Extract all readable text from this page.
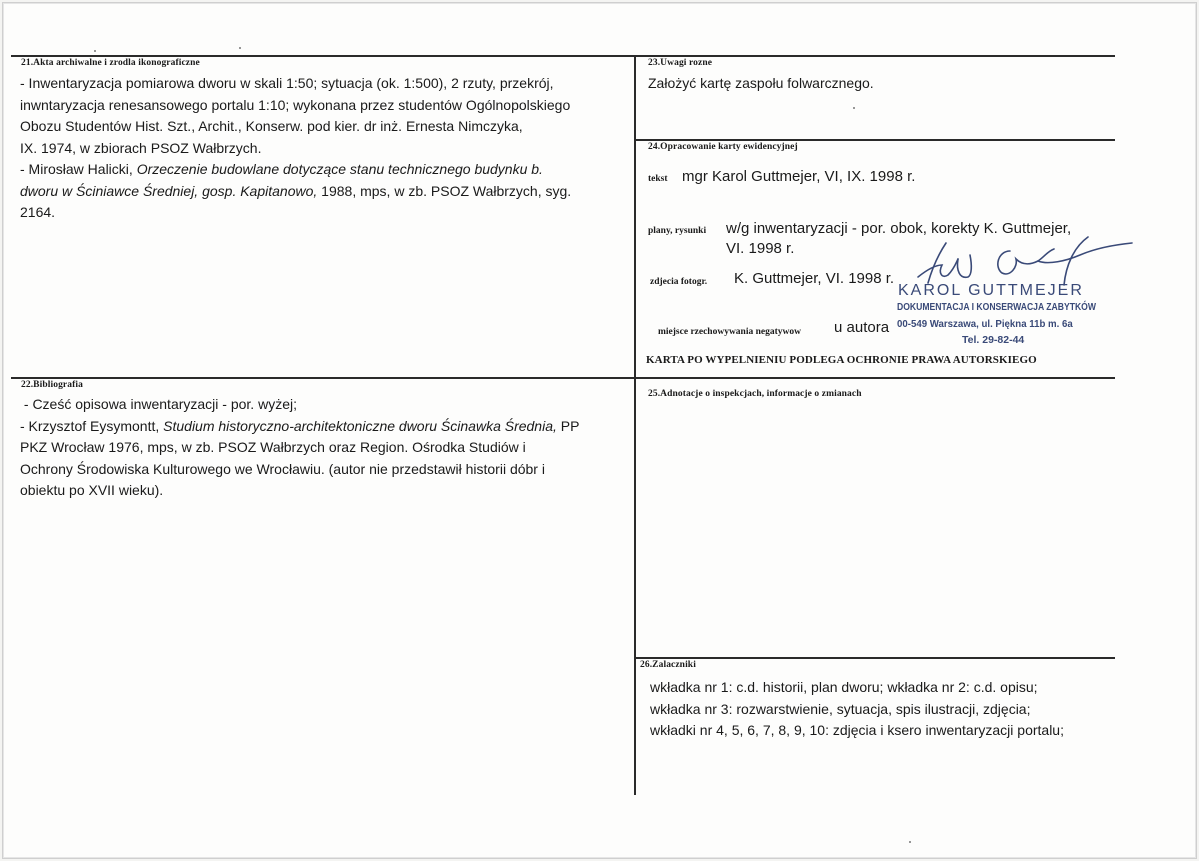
21.Akta archiwalne i zrodla ikonograficzne
- Inwentaryzacja pomiarowa dworu w skali 1:50; sytuacja (ok. 1:500), 2 rzuty, przekrój,
inwntaryzacja renesansowego portalu 1:10; wykonana przez studentów Ogólnopolskiego
Obozu Studentów Hist. Szt., Archit., Konserw. pod kier. dr inż. Ernesta Nimczyka,
IX. 1974, w zbiorach PSOZ Wałbrzych.
- Mirosław Halicki, Orzeczenie budowlane dotyczące stanu technicznego budynku b.
dworu w Ściniawce Średniej, gosp. Kapitanowo, 1988, mps, w zb. PSOZ Wałbrzych, syg.
2164.
22.Bibliografia
- Cześć opisowa inwentaryzacji - por. wyżej;
- Krzysztof Eysymontt, Studium historyczno-architektoniczne dworu Ścinawka Średnia, PP
PKZ Wrocław 1976, mps, w zb. PSOZ Wałbrzych oraz Region. Ośrodka Studiów i
Ochrony Środowiska Kulturowego we Wrocławiu. (autor nie przedstawił historii dóbr i
obiektu po XVII wieku).
23.Uwagi rozne
Założyć kartę zaspołu folwarcznego.
24.Opracowanie karty ewidencyjnej
tekst mgr Karol Guttmejer, VI, IX. 1998 r.
plany, rysunki w/g inwentaryzacji - por. obok, korekty K. Guttmejer,
VI. 1998 r.
zdjecia fotogr. K. Guttmejer, VI. 1998 r.
miejsce rzechowywania negatywow u autora
KAROL GUTTMEJER
DOKUMENTACJA I KONSERWACJA ZABYTKÓW
00-549 Warszawa, ul. Piękna 11b m. 6a
Tel. 29-82-44
KARTA PO WYPELNIENIU PODLEGA OCHRONIE PRAWA AUTORSKIEGO
25.Adnotacje o inspekcjach, informacje o zmianach
26.Zalaczniki
wkładka nr 1: c.d. historii, plan dworu; wkładka nr 2: c.d. opisu;
wkładka nr 3: rozwarstwienie, sytuacja, spis ilustracji, zdjęcia;
wkładki nr 4, 5, 6, 7, 8, 9, 10: zdjęcia i ksero inwentaryzacji portalu;
